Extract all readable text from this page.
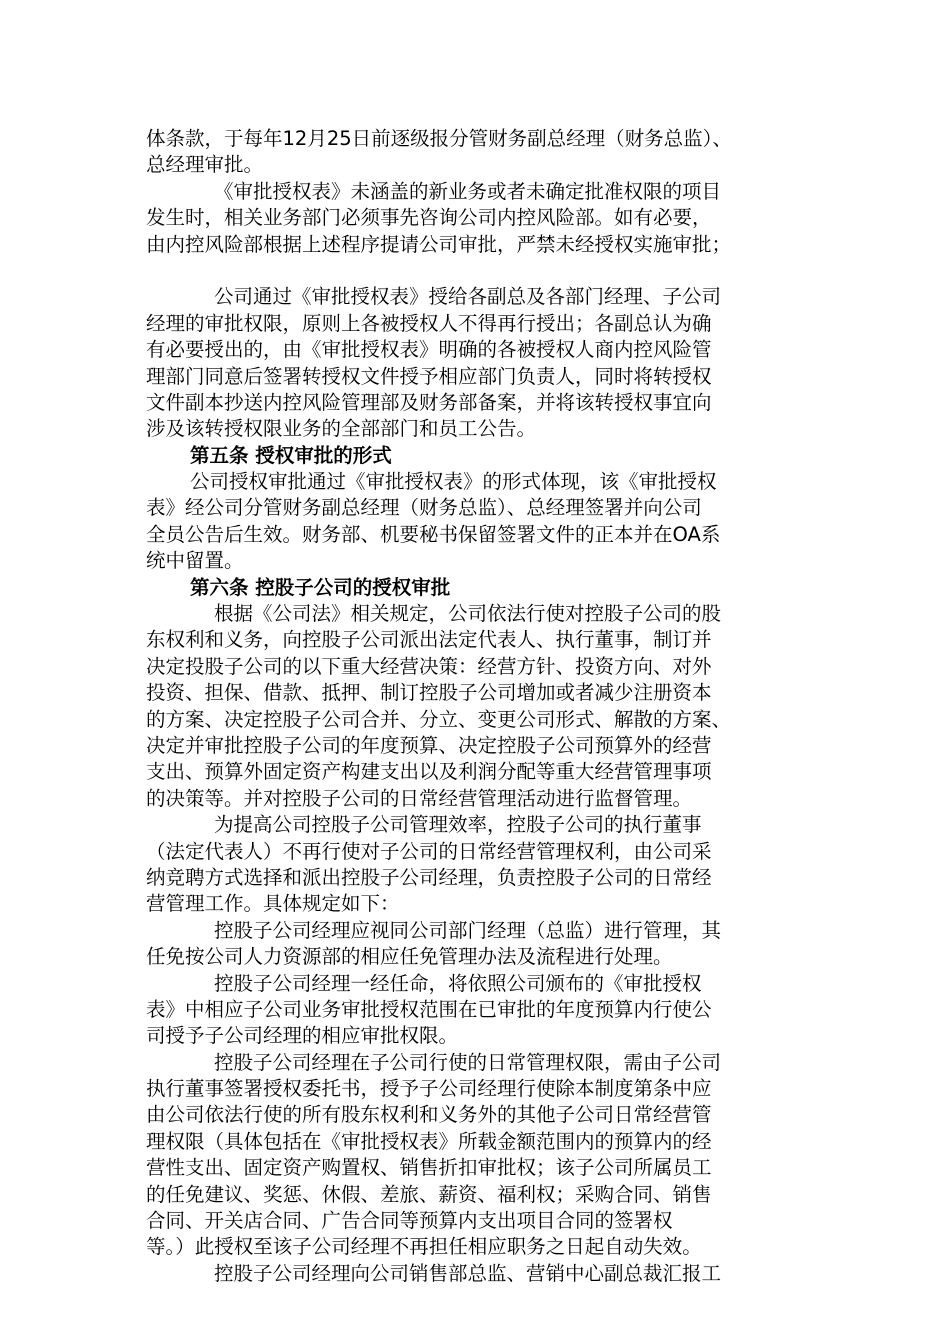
体条款，于每年12月25日前逐级报分管财务副总经理（财务总监）、
总经理审批。
《审批授权表》未涵盖的新业务或者未确定批准权限的项目
发生时，相关业务部门必须事先咨询公司内控风险部。如有必要，
由内控风险部根据上述程序提请公司审批，严禁未经授权实施审批；
公司通过《审批授权表》授给各副总及各部门经理、子公司
经理的审批权限，原则上各被授权人不得再行授出；各副总认为确
有必要授出的，由《审批授权表》明确的各被授权人商内控风险管
理部门同意后签署转授权文件授予相应部门负责人，同时将转授权
文件副本抄送内控风险管理部及财务部备案，并将该转授权事宜向
涉及该转授权限业务的全部部门和员工公告。
第五条 授权审批的形式
公司授权审批通过《审批授权表》的形式体现，该《审批授权
表》经公司分管财务副总经理（财务总监）、总经理签署并向公司
全员公告后生效。财务部、机要秘书保留签署文件的正本并在OA系
统中留置。
第六条 控股子公司的授权审批
根据《公司法》相关规定，公司依法行使对控股子公司的股
东权利和义务，向控股子公司派出法定代表人、执行董事，制订并
决定投股子公司的以下重大经营决策：经营方针、投资方向、对外
投资、担保、借款、抵押、制订控股子公司增加或者减少注册资本
的方案、决定控股子公司合并、分立、变更公司形式、解散的方案、
决定并审批控股子公司的年度预算、决定控股子公司预算外的经营
支出、预算外固定资产构建支出以及利润分配等重大经营管理事项
的决策等。并对控股子公司的日常经营管理活动进行监督管理。
为提高公司控股子公司管理效率，控股子公司的执行董事
（法定代表人）不再行使对子公司的日常经营管理权利，由公司采
纳竞聘方式选择和派出控股子公司经理，负责控股子公司的日常经
营管理工作。具体规定如下：
控股子公司经理应视同公司部门经理（总监）进行管理，其
任免按公司人力资源部的相应任免管理办法及流程进行处理。
控股子公司经理一经任命，将依照公司颁布的《审批授权
表》中相应子公司业务审批授权范围在已审批的年度预算内行使公
司授予子公司经理的相应审批权限。
控股子公司经理在子公司行使的日常管理权限，需由子公司
执行董事签署授权委托书，授予子公司经理行使除本制度第条中应
由公司依法行使的所有股东权利和义务外的其他子公司日常经营管
理权限（具体包括在《审批授权表》所载金额范围内的预算内的经
营性支出、固定资产购置权、销售折扣审批权；该子公司所属员工
的任免建议、奖惩、休假、差旅、薪资、福利权；采购合同、销售
合同、开关店合同、广告合同等预算内支出项目合同的签署权
等。）此授权至该子公司经理不再担任相应职务之日起自动失效。
控股子公司经理向公司销售部总监、营销中心副总裁汇报工
